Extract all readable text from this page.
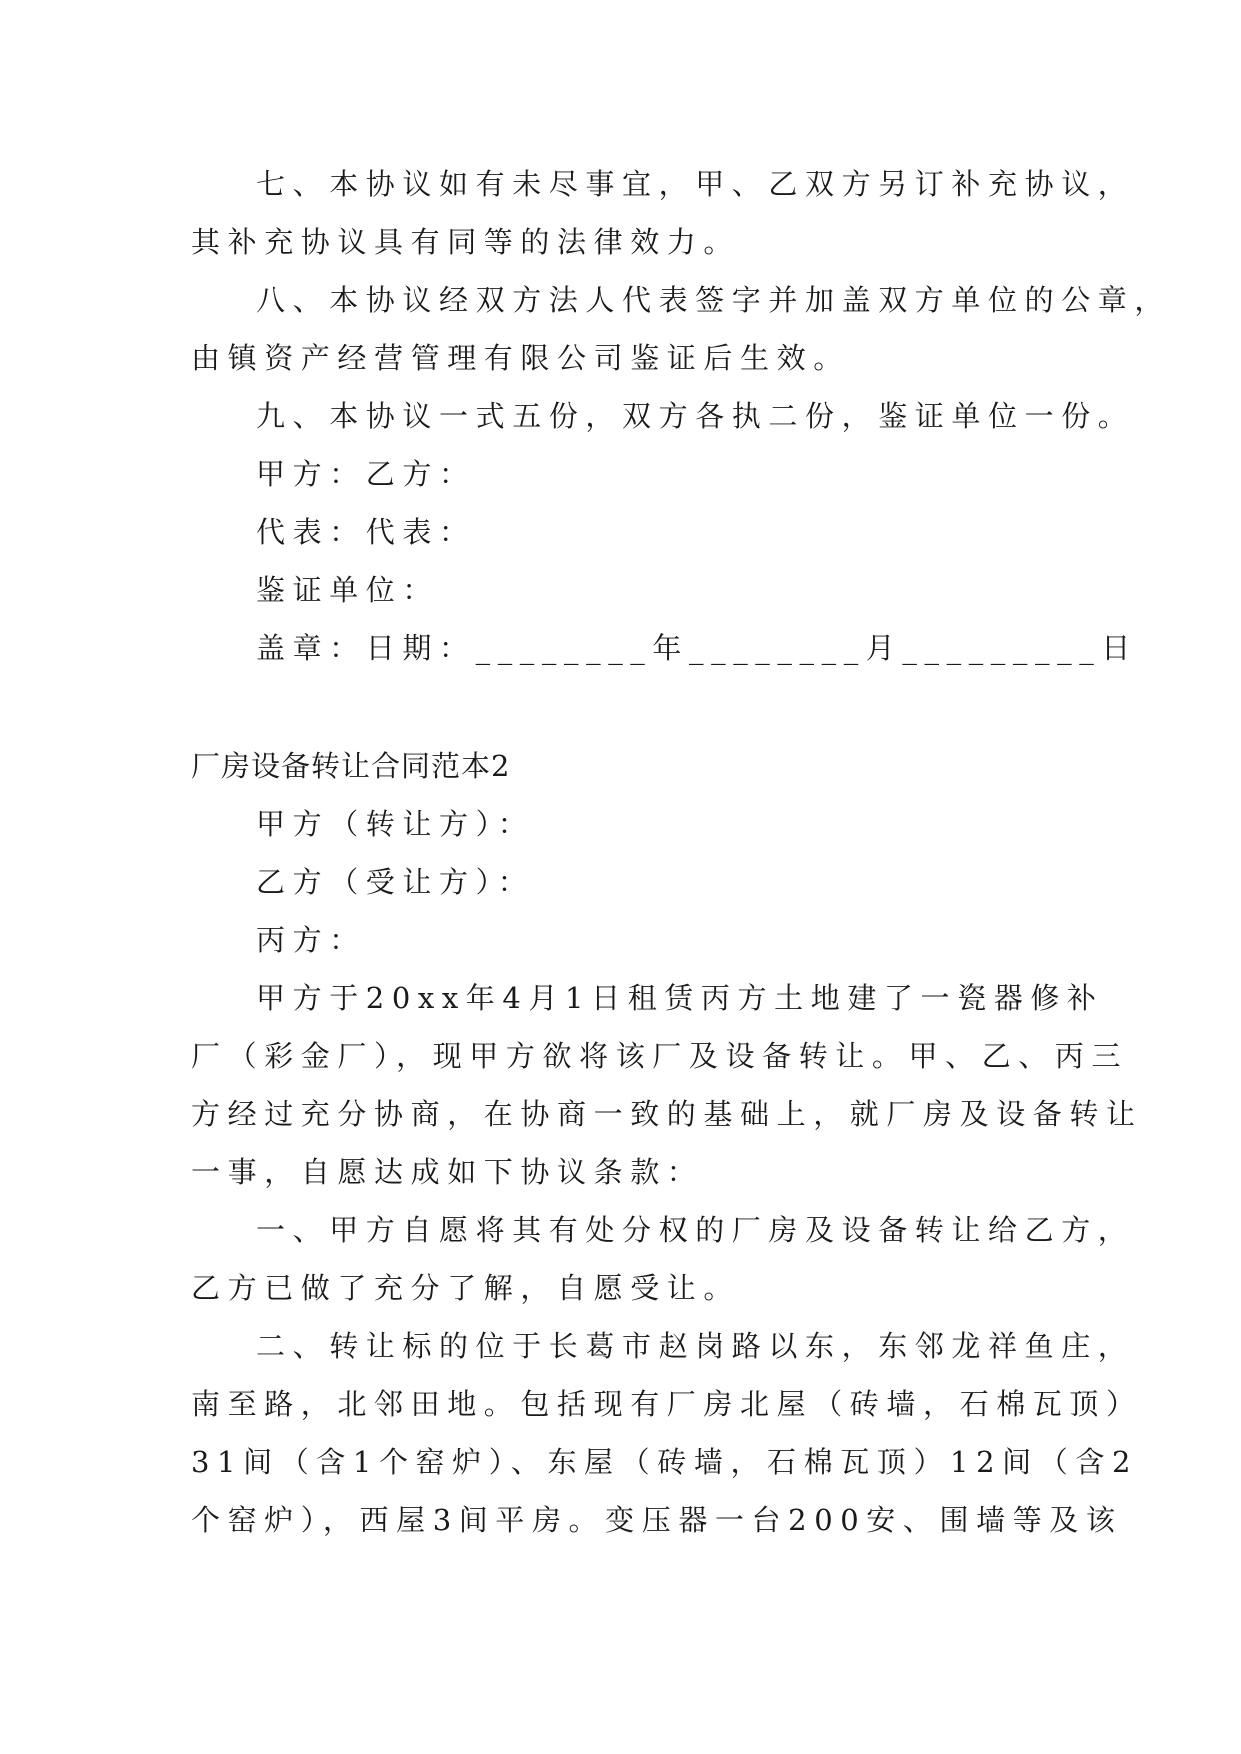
七、本协议如有未尽事宜，甲、乙双方另订补充协议，
其补充协议具有同等的法律效力。
八、本协议经双方法人代表签字并加盖双方单位的公章，
由镇资产经营管理有限公司鉴证后生效。
九、本协议一式五份，双方各执二份，鉴证单位一份。
甲方：乙方：
代表：代表：
鉴证单位：
盖章：日期：________年________月_________日
厂房设备转让合同范本2
甲方（转让方）：
乙方（受让方）：
丙方：
甲方于20xx年4月1日租赁丙方土地建了一瓷器修补
厂（彩金厂），现甲方欲将该厂及设备转让。甲、乙、丙三
方经过充分协商，在协商一致的基础上，就厂房及设备转让
一事，自愿达成如下协议条款：
一、甲方自愿将其有处分权的厂房及设备转让给乙方，
乙方已做了充分了解，自愿受让。
二、转让标的位于长葛市赵岗路以东，东邻龙祥鱼庄，
南至路，北邻田地。包括现有厂房北屋（砖墙，石棉瓦顶）
31间（含1个窑炉）、东屋（砖墙，石棉瓦顶）12间（含2
个窑炉），西屋3间平房。变压器一台200安、围墙等及该
